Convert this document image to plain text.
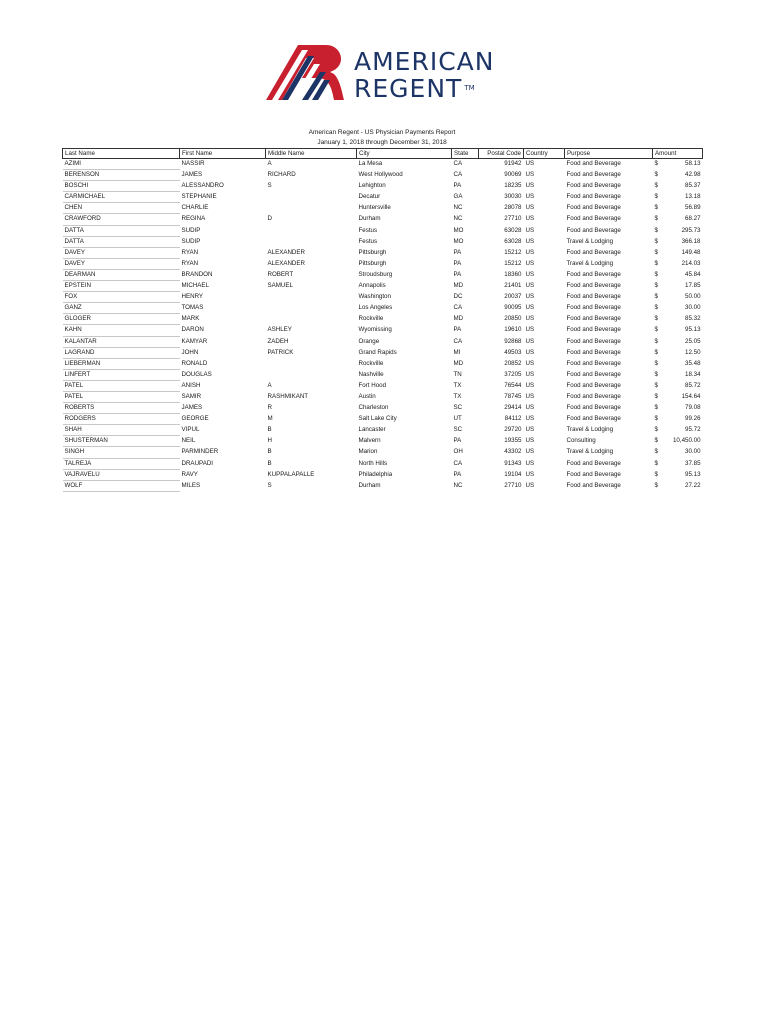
AMERICAN
REGENT ™
American Regent - US Physician Payments Report
January 1, 2018 through December 31, 2018
Last Name	First Name	Middle Name	City	State	Postal Code	Country	Purpose	Amount	
AZIMI	NASSIR	A	La Mesa	CA	91942	US	Food and Beverage	$	58.13
BERENSON	JAMES	RICHARD	West Hollywood	CA	90069	US	Food and Beverage	$	42.98
BOSCHI	ALESSANDRO	S	Lehighton	PA	18235	US	Food and Beverage	$	85.37
CARMICHAEL	STEPHANIE		Decatur	GA	30030	US	Food and Beverage	$	13.18
CHEN	CHARLIE		Huntersville	NC	28078	US	Food and Beverage	$	56.89
CRAWFORD	REGINA	D	Durham	NC	27710	US	Food and Beverage	$	68.27
DATTA	SUDIP		Festus	MO	63028	US	Food and Beverage	$	295.73
DATTA	SUDIP		Festus	MO	63028	US	Travel & Lodging	$	366.18
DAVEY	RYAN	ALEXANDER	Pittsburgh	PA	15212	US	Food and Beverage	$	149.48
DAVEY	RYAN	ALEXANDER	Pittsburgh	PA	15212	US	Travel & Lodging	$	214.03
DEARMAN	BRANDON	ROBERT	Stroudsburg	PA	18360	US	Food and Beverage	$	45.84
EPSTEIN	MICHAEL	SAMUEL	Annapolis	MD	21401	US	Food and Beverage	$	17.85
FOX	HENRY		Washington	DC	20037	US	Food and Beverage	$	50.00
GANZ	TOMAS		Los Angeles	CA	90095	US	Food and Beverage	$	30.00
GLOGER	MARK		Rockville	MD	20850	US	Food and Beverage	$	85.32
KAHN	DARON	ASHLEY	Wyomissing	PA	19610	US	Food and Beverage	$	95.13
KALANTAR	KAMYAR	ZADEH	Orange	CA	92868	US	Food and Beverage	$	25.05
LAGRAND	JOHN	PATRICK	Grand Rapids	MI	49503	US	Food and Beverage	$	12.50
LIEBERMAN	RONALD		Rockville	MD	20852	US	Food and Beverage	$	35.48
LINFERT	DOUGLAS		Nashville	TN	37205	US	Food and Beverage	$	18.34
PATEL	ANISH	A	Fort Hood	TX	76544	US	Food and Beverage	$	85.72
PATEL	SAMIR	RASHMIKANT	Austin	TX	78745	US	Food and Beverage	$	154.64
ROBERTS	JAMES	R	Charleston	SC	29414	US	Food and Beverage	$	79.08
RODGERS	GEORGE	M	Salt Lake City	UT	84112	US	Food and Beverage	$	99.26
SHAH	VIPUL	B	Lancaster	SC	29720	US	Travel & Lodging	$	95.72
SHUSTERMAN	NEIL	H	Malvern	PA	19355	US	Consulting	$	10,450.00
SINGH	PARMINDER	B	Marion	OH	43302	US	Travel & Lodging	$	30.00
TALREJA	DRAUPADI	B	North Hills	CA	91343	US	Food and Beverage	$	37.85
VAJRAVELU	RAVY	KUPPALAPALLE	Philadelphia	PA	19104	US	Food and Beverage	$	95.13
WOLF	MILES	S	Durham	NC	27710	US	Food and Beverage	$	27.22
